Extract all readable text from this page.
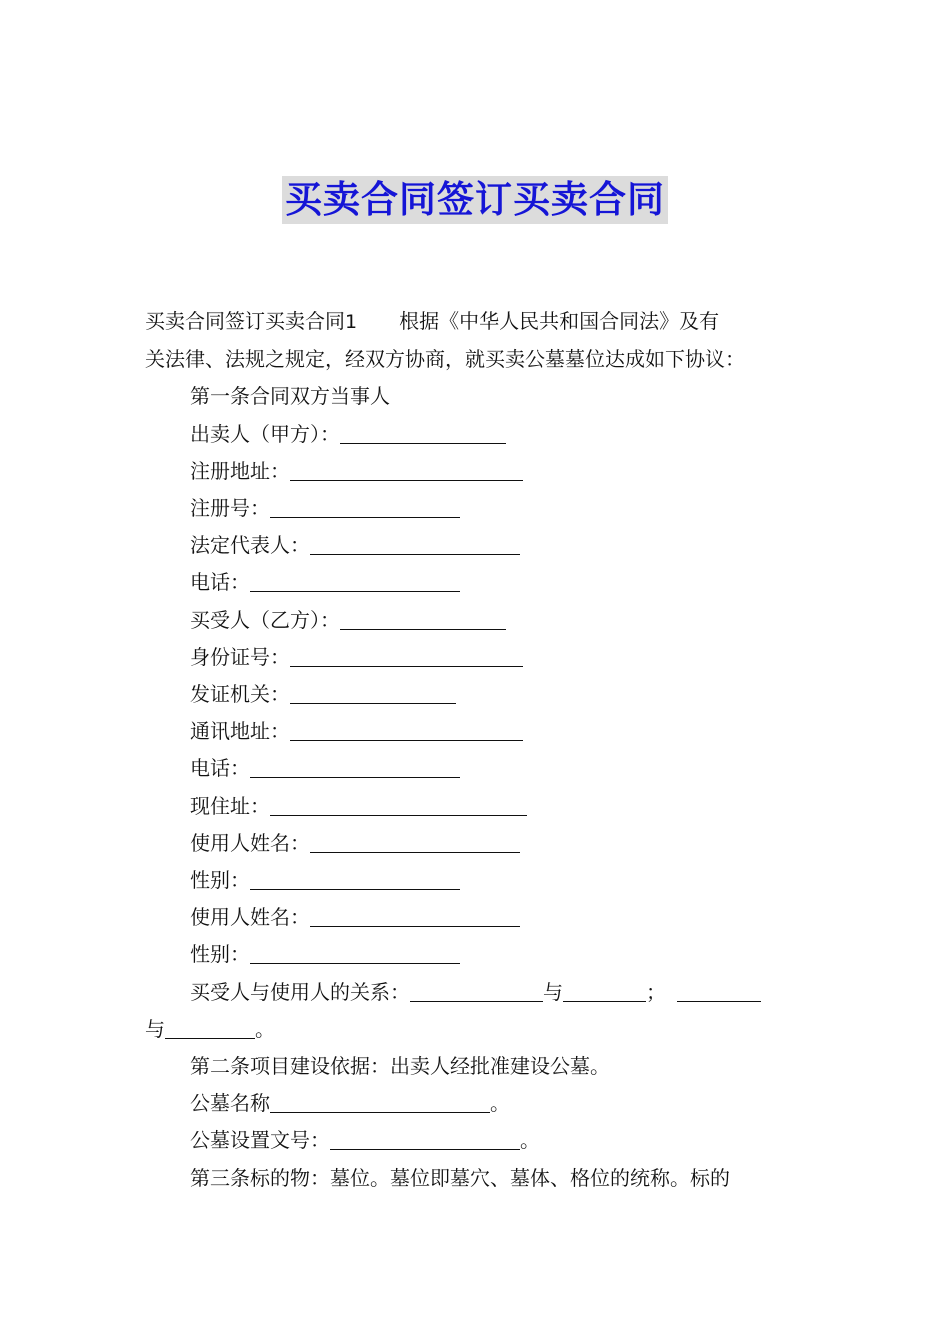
买卖合同签订买卖合同
买卖合同签订买卖合同1 根据《中华人民共和国合同法》及有
关法律、法规之规定，经双方协商，就买卖公墓墓位达成如下协议：
第一条合同双方当事人
出卖人（甲方）：
注册地址：
注册号：
法定代表人：
电话：
买受人（乙方）：
身份证号：
发证机关：
通讯地址：
电话：
现住址：
使用人姓名：
性别：
使用人姓名：
性别：
买受人与使用人的关系：	与	；
与	。
第二条项目建设依据：出卖人经批准建设公墓。
公墓名称	。
公墓设置文号：	。
第三条标的物：墓位。墓位即墓穴、墓体、格位的统称。标的
